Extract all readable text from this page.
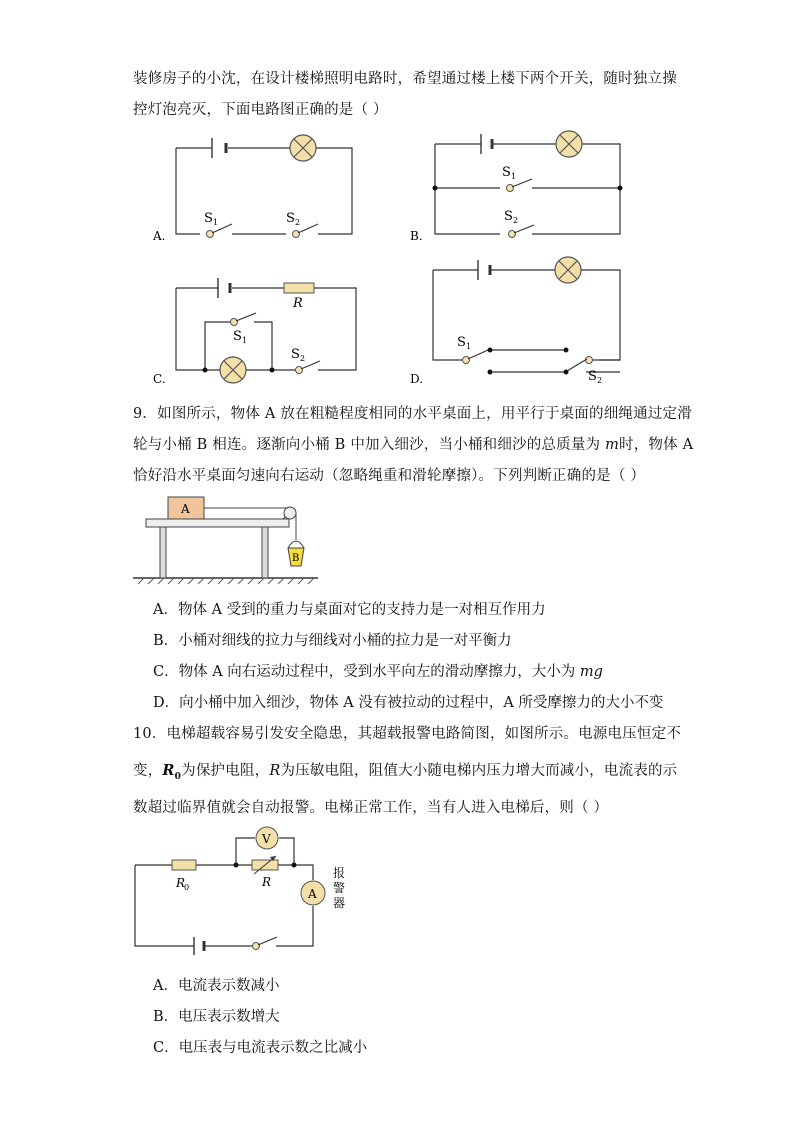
装修房子的小沈，在设计楼梯照明电路时，希望通过楼上楼下两个开关，随时独立操
控灯泡亮灭，下面电路图正确的是（ ）
S 1	S 2
A.
S 1
S 2
B.
R
S 1
S 2
C.
S 1
S 2
D.
9．如图所示，物体 A 放在粗糙程度相同的水平桌面上，用平行于桌面的细绳通过定滑
轮与小桶 B 相连。逐渐向小桶 B 中加入细沙，当小桶和细沙的总质量为 m时，物体 A
恰好沿水平桌面匀速向右运动（忽略绳重和滑轮摩擦）。下列判断正确的是（ ）
A
B
A．物体 A 受到的重力与桌面对它的支持力是一对相互作用力
B．小桶对细线的拉力与细线对小桶的拉力是一对平衡力
C．物体 A 向右运动过程中，受到水平向左的滑动摩擦力，大小为 mg
D．向小桶中加入细沙，物体 A 没有被拉动的过程中，A 所受摩擦力的大小不变
10．电梯超载容易引发安全隐患，其超载报警电路简图，如图所示。电源电压恒定不
变，$R_0$为保护电阻，R为压敏电阻，阻值大小随电梯内压力增大而减小，电流表的示
数超过临界值就会自动报警。电梯正常工作，当有人进入电梯后，则（ ）
R
0	R
V
A
报
警
器
A．电流表示数减小
B．电压表示数增大
C．电压表与电流表示数之比减小
